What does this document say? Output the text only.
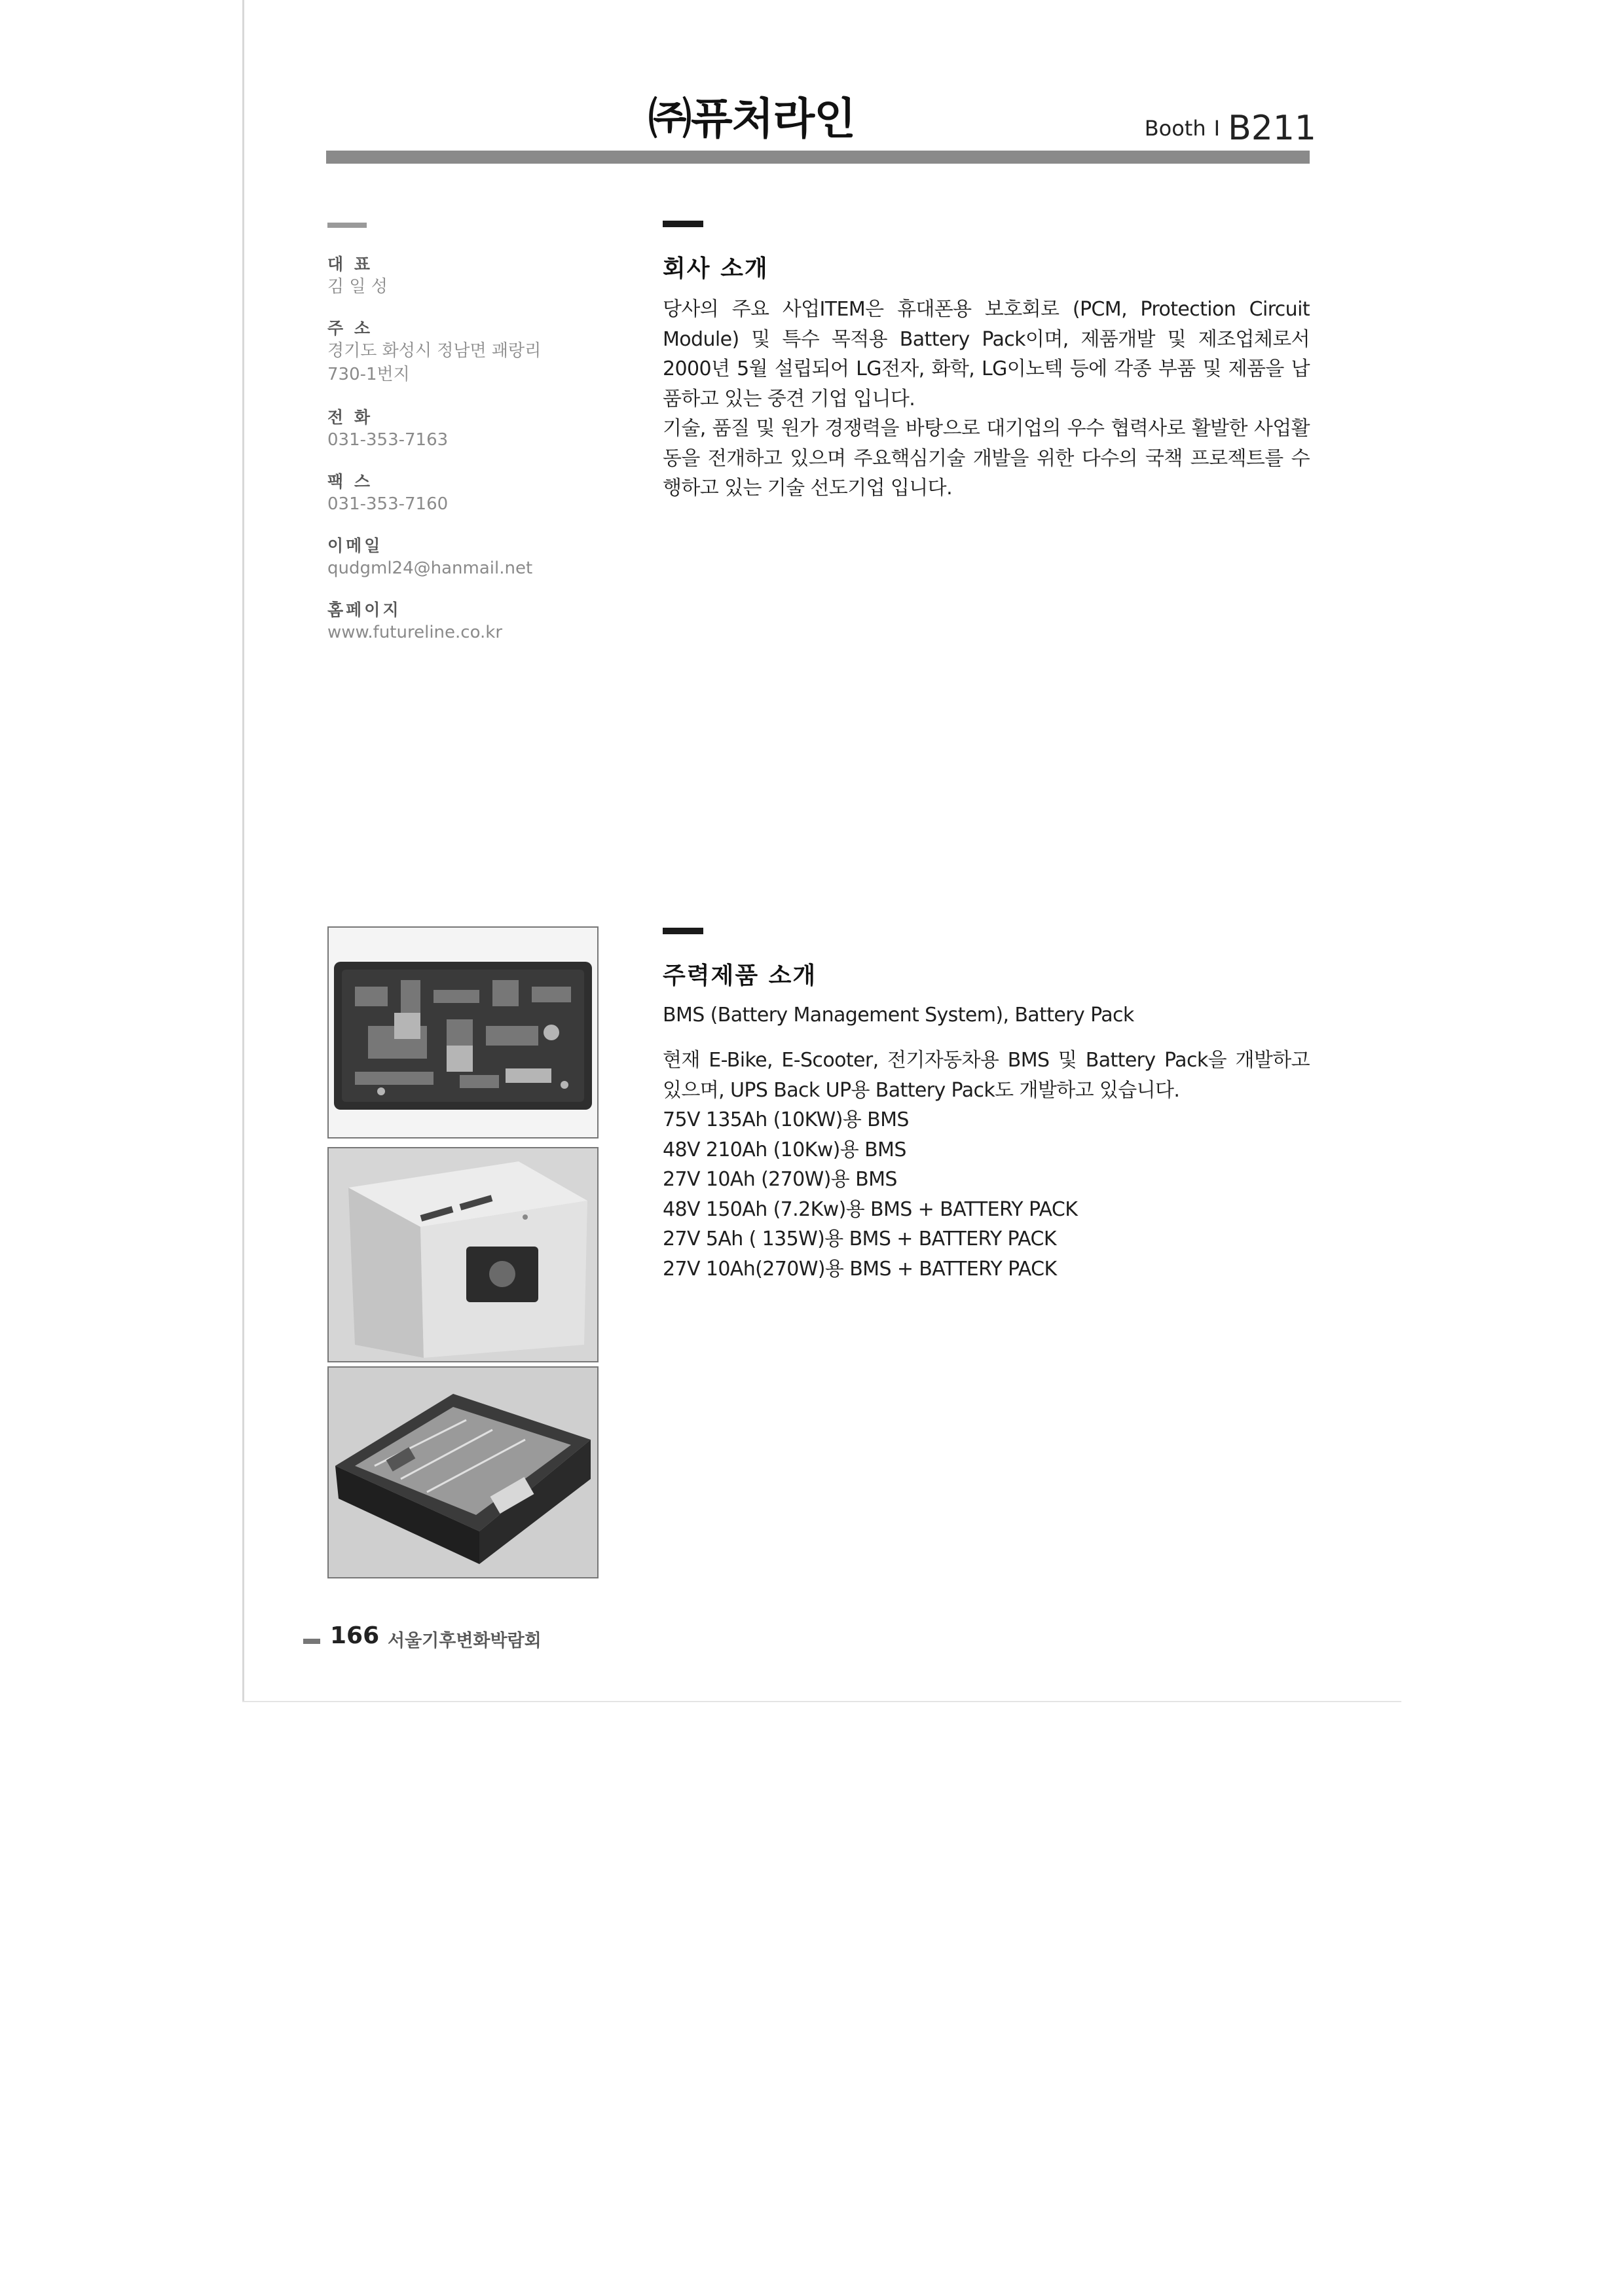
㈜퓨처라인	Booth I B211
대 표
김 일 성
주 소
경기도 화성시 정남면 괘랑리
730-1번지
전 화
031-353-7163
팩 스
031-353-7160
이메일
qudgml24@hanmail.net
홈페이지
www.futureline.co.kr
회사 소개
당사의 주요 사업ITEM은 휴대폰용 보호회로 (PCM, Protection Circuit Module) 및 특수 목적용 Battery Pack이며, 제품개발 및 제조업체로서 2000년 5월 설립되어 LG전자, 화학, LG이노텍 등에 각종 부품 및 제품을 납품하고 있는 중견 기업 입니다.
기술, 품질 및 원가 경쟁력을 바탕으로 대기업의 우수 협력사로 활발한 사업활동을 전개하고 있으며 주요핵심기술 개발을 위한 다수의 국책 프로젝트를 수행하고 있는 기술 선도기업 입니다.
주력제품 소개
BMS (Battery Management System), Battery Pack
현재 E-Bike, E-Scooter, 전기자동차용 BMS 및 Battery Pack을 개발하고 있으며, UPS Back UP용 Battery Pack도 개발하고 있습니다.
75V 135Ah (10KW)용 BMS
48V 210Ah (10Kw)용 BMS
27V 10Ah (270W)용 BMS
48V 150Ah (7.2Kw)용 BMS + BATTERY PACK
27V 5Ah ( 135W)용 BMS + BATTERY PACK
27V 10Ah(270W)용 BMS + BATTERY PACK
166 서울기후변화박람회
